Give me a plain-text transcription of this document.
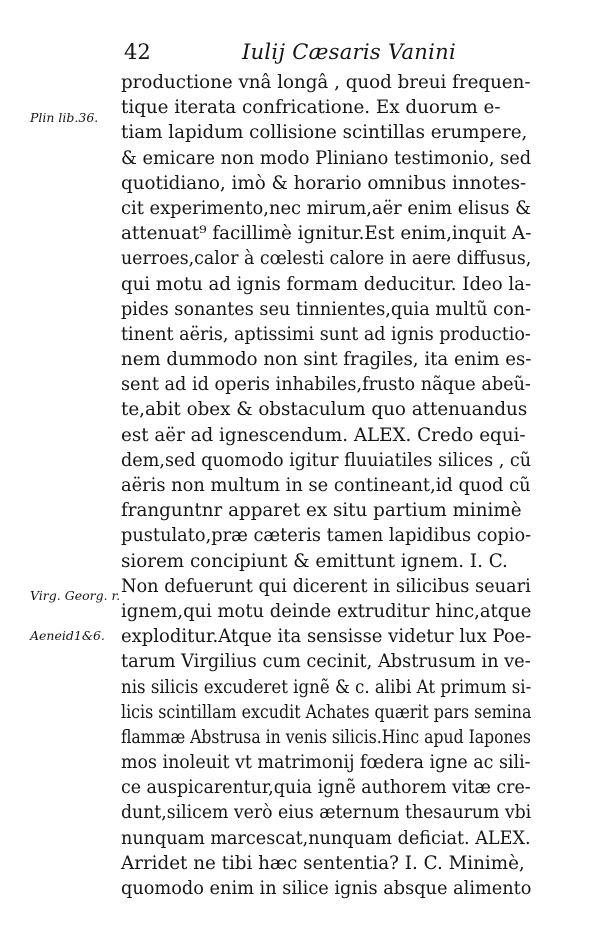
42	Iulij Cæsaris Vanini
Plin lib.36.
Virg. Georg. r.
Aeneid1&6.
productione vnâ longâ , quod breui frequen-
tique iterata confricatione. Ex duorum e-
tiam lapidum collisione scintillas erumpere,
& emicare non modo Pliniano testimonio, sed
quotidiano, imò & horario omnibus innotes-
cit experimento,nec mirum,aër enim elisus &
attenuat⁹ facillimè ignitur.Est enim,inquit A-
uerroes,calor à cœlesti calore in aere diffusus,
qui motu ad ignis formam deducitur. Ideo la-
pides sonantes seu tinnientes,quia multũ con-
tinent aëris, aptissimi sunt ad ignis productio-
nem dummodo non sint fragiles, ita enim es-
sent ad id operis inhabiles,frusto nãque abeũ-
te,abit obex & obstaculum quo attenuandus
est aër ad ignescendum. ALEX. Credo equi-
dem,sed quomodo igitur fluuiatiles silices , cũ
aëris non multum in se contineant,id quod cũ
franguntnr apparet ex situ partium minimè
pustulato,præ cæteris tamen lapidibus copio-
siorem concipiunt & emittunt ignem. I. C.
Non defuerunt qui dicerent in silicibus seuari
ignem,qui motu deinde extruditur hinc,atque
exploditur.Atque ita sensisse videtur lux Poe-
tarum Virgilius cum cecinit, Abstrusum in ve-
nis silicis excuderet ignẽ & c. alibi At primum si-
licis scintillam excudit Achates quærit pars semina
flammæ Abstrusa in venis silicis.Hinc apud Iapones
mos inoleuit vt matrimonij fœdera igne ac sili-
ce auspicarentur,quia ignẽ authorem vitæ cre-
dunt,silicem verò eius æternum thesaurum vbi
nunquam marcescat,nunquam deficiat. ALEX.
Arridet ne tibi hæc sententia? I. C. Minimè,
quomodo enim in silice ignis absque alimento
